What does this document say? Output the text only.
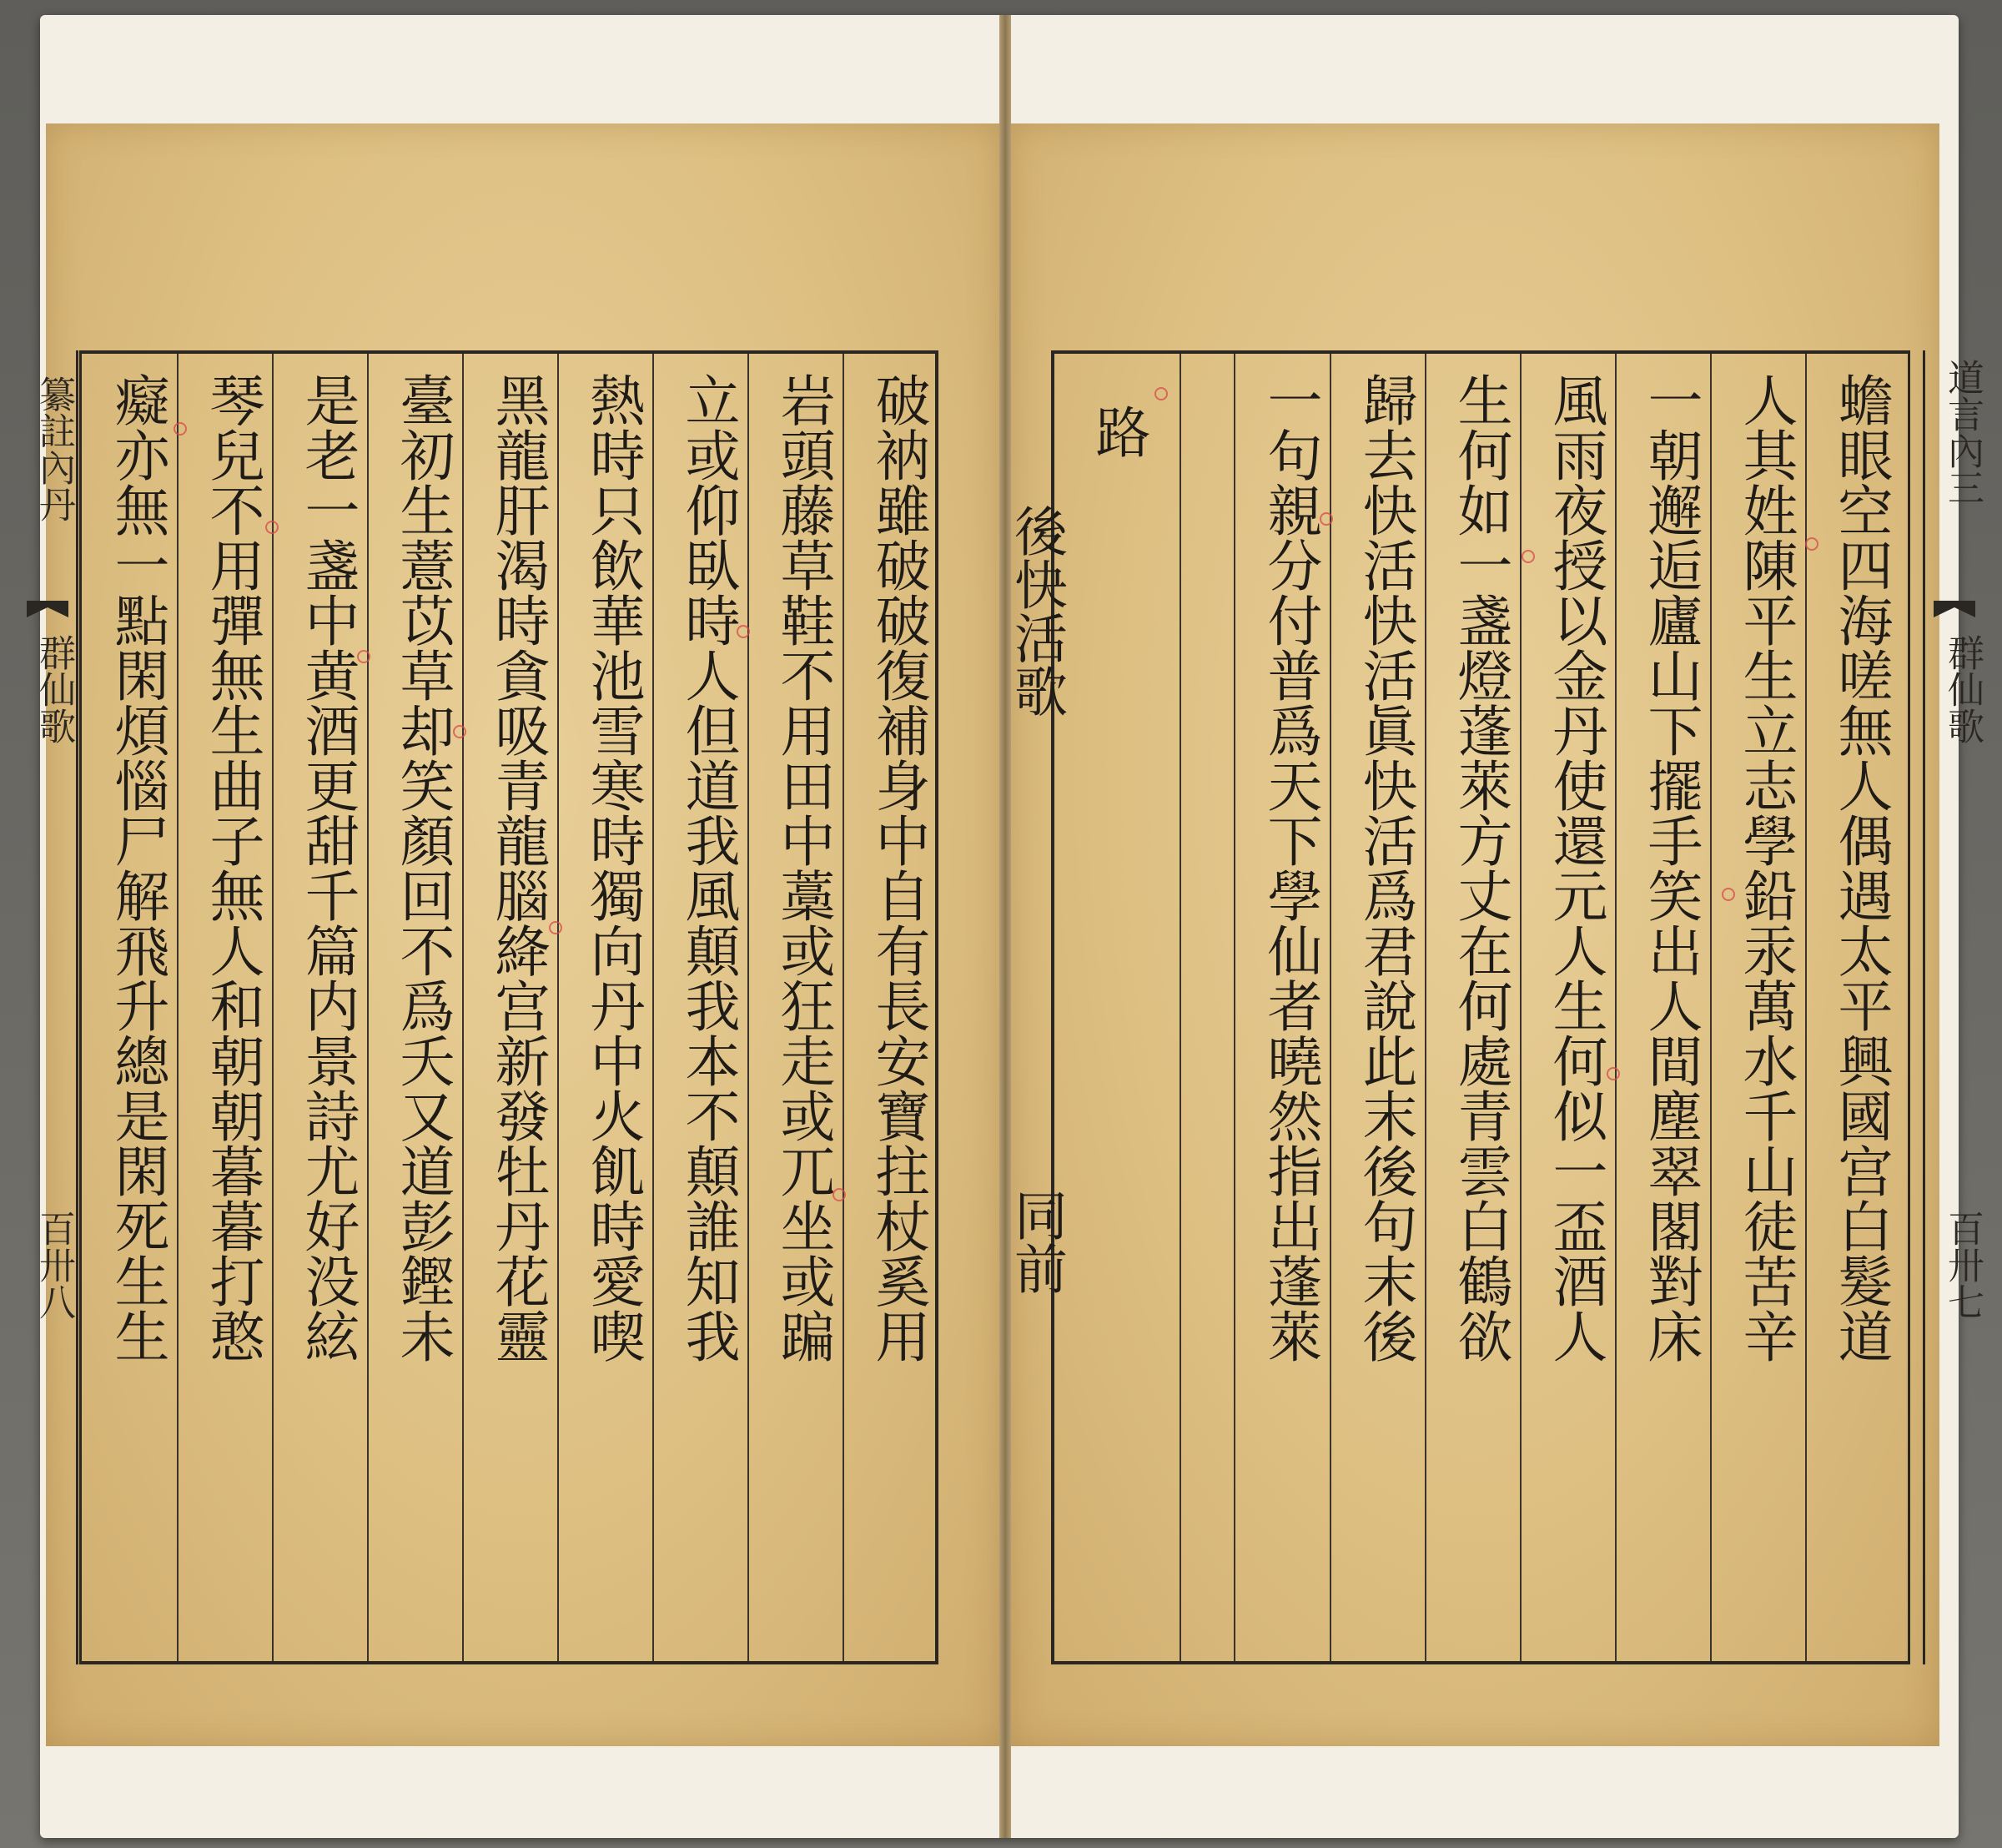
纂註內丹
群仙歌
百卅八	破衲雖破破復補身中自有長安寶拄杖奚用
岩頭藤草鞋不用田中藁或狂走或兀坐或蹁
立或仰臥時人但道我風顛我本不顛誰知我
熱時只飲華池雪寒時獨向丹中火飢時愛喫
黑龍肝渴時貪吸青龍腦絳宫新發牡丹花靈
臺初生薏苡草却笑顏回不爲夭又道彭鏗未
是老一盞中黄酒更甜千篇内景詩尤好没絃
琴兒不用彈無生曲子無人和朝朝暮暮打憨
癡亦無一點閑煩惱尸解飛升總是閑死生生	蟾眼空四海嗟無人偶遇太平興國宫白髮道
人其姓陳平生立志學鉛汞萬水千山徒苦辛
一朝邂逅廬山下擺手笑出人間塵翠閣對床
風雨夜授以金丹使還元人生何似一盃酒人
生何如一盞燈蓬萊方丈在何處青雲白鶴欲
歸去快活快活眞快活爲君說此末後句末後
一句親分付普爲天下學仙者曉然指出蓬萊
路
後快活歌
同前
道言內三
群仙歌
百卅七
